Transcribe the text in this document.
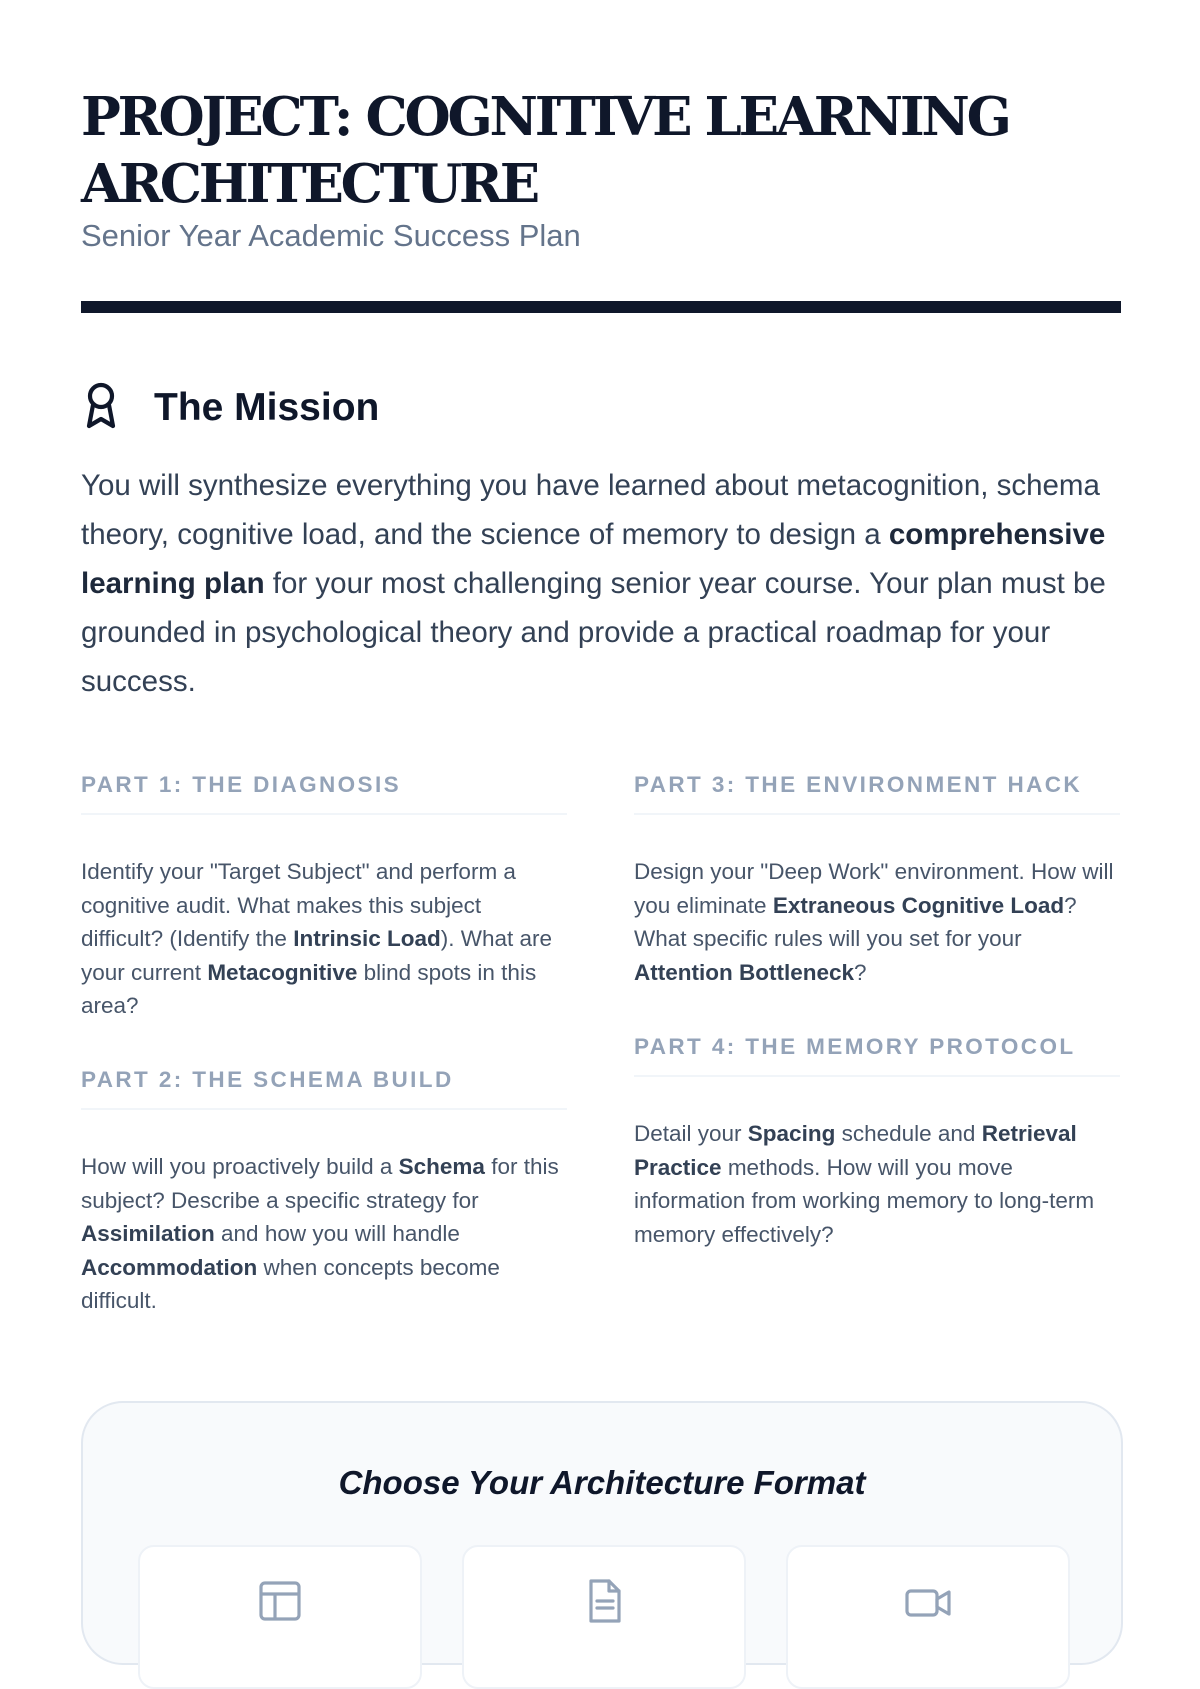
PROJECT: COGNITIVE LEARNING ARCHITECTURE
Senior Year Academic Success Plan
The Mission

You will synthesize everything you have learned about metacognition, schema theory, cognitive load, and the science of memory to design a comprehensive learning plan for your most challenging senior year course. Your plan must be grounded in psychological theory and provide a practical roadmap for your success.

PART 1: THE DIAGNOSIS

Identify your "Target Subject" and perform a cognitive audit. What makes this subject difficult? (Identify the Intrinsic Load). What are your current Metacognitive blind spots in this area?

PART 2: THE SCHEMA BUILD

How will you proactively build a Schema for this subject? Describe a specific strategy for Assimilation and how you will handle Accommodation when concepts become difficult.

PART 3: THE ENVIRONMENT HACK

Design your "Deep Work" environment. How will you eliminate Extraneous Cognitive Load? What specific rules will you set for your Attention Bottleneck?

PART 4: THE MEMORY PROTOCOL

Detail your Spacing schedule and Retrieval Practice methods. How will you move information from working memory to long-term memory effectively?

Choose Your Architecture Format
